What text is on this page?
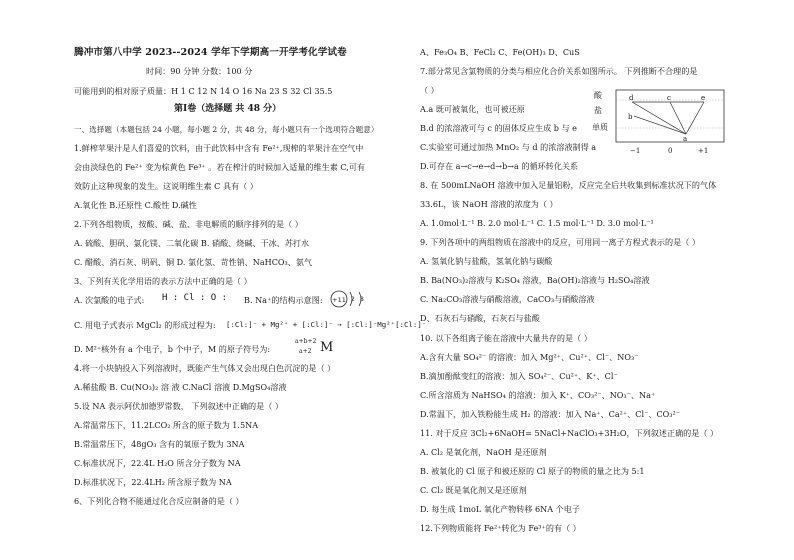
腾冲市第八中学 2023--2024 学年下学期高一开学考化学试卷
时间：90 分钟 分数：100 分
可能用到的相对原子质量：H 1 C 12 N 14 O 16 Na 23 S 32 Cl 35.5
第Ⅰ卷（选择题 共 48 分）
一、选择题（本题包括 24 小题，每小题 2 分，共 48 分，每小题只有一个选项符合题意）
1.鲜榨苹果汁是人们喜爱的饮料，由于此饮料中含有 Fe²⁺,现榨的苹果汁在空气中
会由淡绿色的 Fe²⁺ 变为棕黄色 Fe³⁺ 。若在榨汁的时候加入适量的维生素 C,可有
效防止这种现象的发生。这说明维生素 C 具有（ ）
A.氧化性 B.还原性 C.酸性 D.碱性
2.下列各组物质，按酸、碱、盐、非电解质的顺序排列的是（ ）
A. 硫酸、胆矾、氯化镁、二氧化碳 B. 硝酸、烧碱、干冰、苏打水
C. 醋酸、消石灰、明矾、铜 D. 氯化氢、苛性钠、NaHCO₃、氨气
3、下列有关化学用语的表示方法中正确的是（ ）
A. 次氯酸的电子式: H : Cl : O : B. Na⁺的结构示意图: +11 2 8
C. 用电子式表示 MgCl₂ 的形成过程为: [:Cl:]⁻ + Mg²⁺ + [:Cl:]⁻ → [:Cl:]⁻Mg²⁺[:Cl:]⁻
D. M²⁺核外有 a 个电子，b 个中子，M 的原子符号为:
a+b+2
a+2 M
4.将一小块钠投入下列溶液时，既能产生气体又会出现白色沉淀的是（ ）
A.稀盐酸 B. Cu(NO₃)₂ 溶 液 C.NaCl 溶液 D.MgSO₄溶液
5.设 NA 表示阿伏加德罗常数， 下列叙述中正确的是（ ）
A.常温常压下，11.2LCO₂ 所含的原子数为 1.5NA
B.常温常压下，48gO₃ 含有的氧原子数为 3NA
C.标准状况下，22.4L H₂O 所含分子数为 NA
D.标准状况下，22.4LH₂ 所含原子数为 NA
6、下列化合物不能通过化合反应制备的是（ ）
A、Fe₃O₄ B、FeCl₂ C、Fe(OH)₃ D、CuS
7.部分常见含氯物质的分类与相应化合价关系如图所示。 下列推断不合理的是
（ ）
A.a 既可被氧化，也可被还原
B.d 的浓溶液可与 c 的固体反应生成 b 与 e
C.实验室可通过加热 MnO₂ 与 d 的浓溶液制得 a
D.可存在 a→c→e→d→b→a 的循环转化关系
8. 在 500mLNaOH 溶液中加入足量铝粉，反应完全后共收集到标准状况下的气体
33.6L，该 NaOH 溶液的浓度为（ ）
A. 1.0mol·L⁻¹ B. 2.0 mol·L⁻¹ C. 1.5 mol·L⁻¹ D. 3.0 mol·L⁻¹
9. 下列各项中的两组物质在溶液中的反应，可用同一离子方程式表示的是（ ）
A. 氢氧化钠与盐酸，氢氧化钠与碳酸
B. Ba(NO₃)₂溶液与 K₂SO₄ 溶液，Ba(OH)₂溶液与 H₂SO₄溶液
C. Na₂CO₃溶液与硝酸溶液，CaCO₃与硝酸溶液
D、石灰石与硝酸，石灰石与盐酸
10. 以下各组离子能在溶液中大量共存的是（ ）
A.含有大量 SO₄²⁻ 的溶液：加入 Mg²⁺、Cu²⁺、Cl⁻、NO₃⁻
B.滴加酚酞变红的溶液：加入 SO₄²⁻、Cu²⁺、K⁺、Cl⁻
C.所含溶质为 NaHSO₄ 的溶液：加入 K⁺、CO₃²⁻、NO₃⁻、Na⁺
D.常温下，加入铁粉能生成 H₂ 的溶液：加入 Na⁺、Ca²⁺、Cl⁻、CO₃²⁻
11. 对于反应 3Cl₂+6NaOH= 5NaCl+NaClO₃+3H₂O，下列叙述正确的是（ ）
A. Cl₂ 是氧化剂，NaOH 是还原剂
B. 被氧化的 Cl 原子和被还原的 Cl 原子的物质的量之比为 5:1
C. Cl₂ 既是氧化剂又是还原剂
D. 每生成 1moL 氧化产物转移 6NA 个电子
12.下列物质能将 Fe²⁺转化为 Fe³⁺的有（ ）
酸
盐
单质
d	c	e
b
a
−1	0	+1
